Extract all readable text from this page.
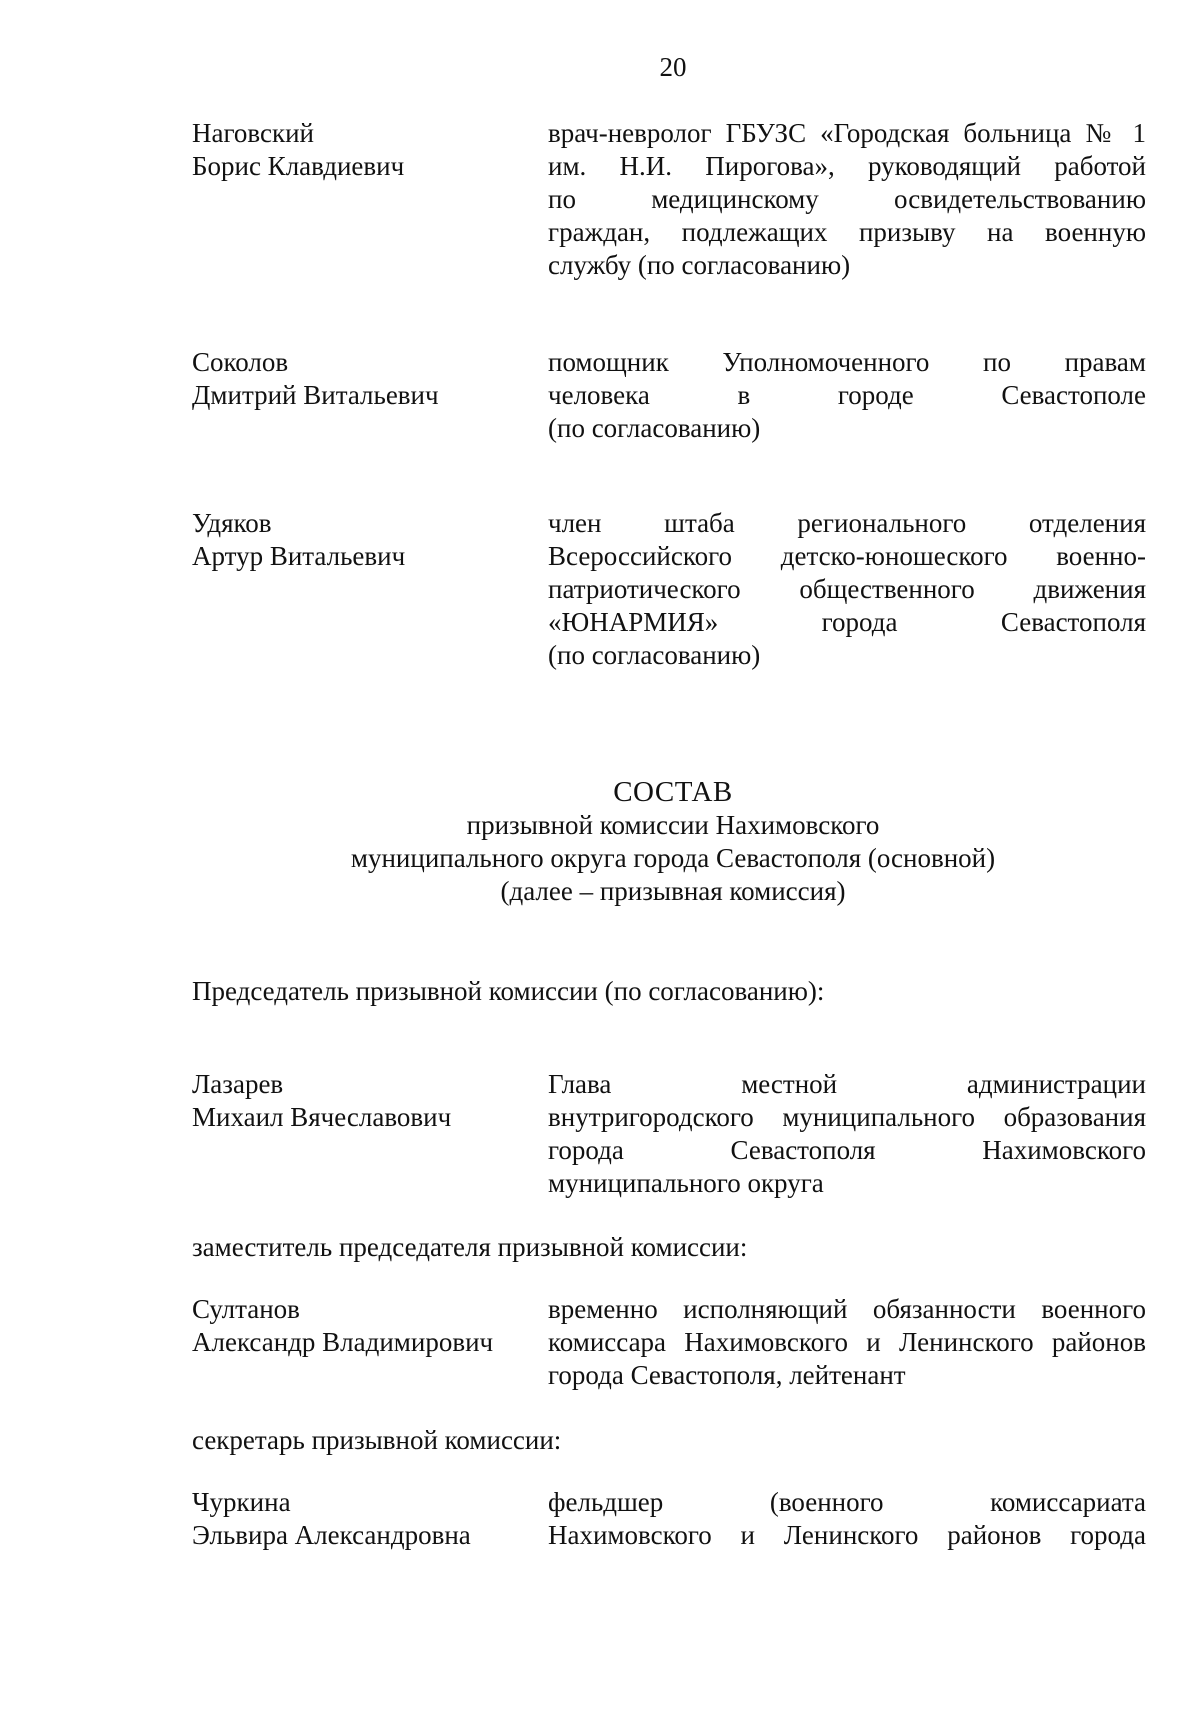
20
Наговский
Борис Клавдиевич
врач-невролог ГБУЗС «Городская больница № 1
им. Н.И. Пирогова», руководящий работой
по медицинскому освидетельствованию
граждан, подлежащих призыву на военную
службу (по согласованию)
Соколов
Дмитрий Витальевич
помощник Уполномоченного по правам
человека в городе Севастополе
(по согласованию)
Удяков
Артур Витальевич
член штаба регионального отделения
Всероссийского детско-юношеского военно-
патриотического общественного движения
«ЮНАРМИЯ» города Севастополя
(по согласованию)
СОСТАВ
призывной комиссии Нахимовского
муниципального округа города Севастополя (основной)
(далее – призывная комиссия)
Председатель призывной комиссии (по согласованию):
Лазарев
Михаил Вячеславович
Глава местной администрации
внутригородского муниципального образования
города Севастополя Нахимовского
муниципального округа
заместитель председателя призывной комиссии:
Султанов
Александр Владимирович
временно исполняющий обязанности военного
комиссара Нахимовского и Ленинского районов
города Севастополя, лейтенант
секретарь призывной комиссии:
Чуркина
Эльвира Александровна
фельдшер (военного комиссариата
Нахимовского и Ленинского районов города
